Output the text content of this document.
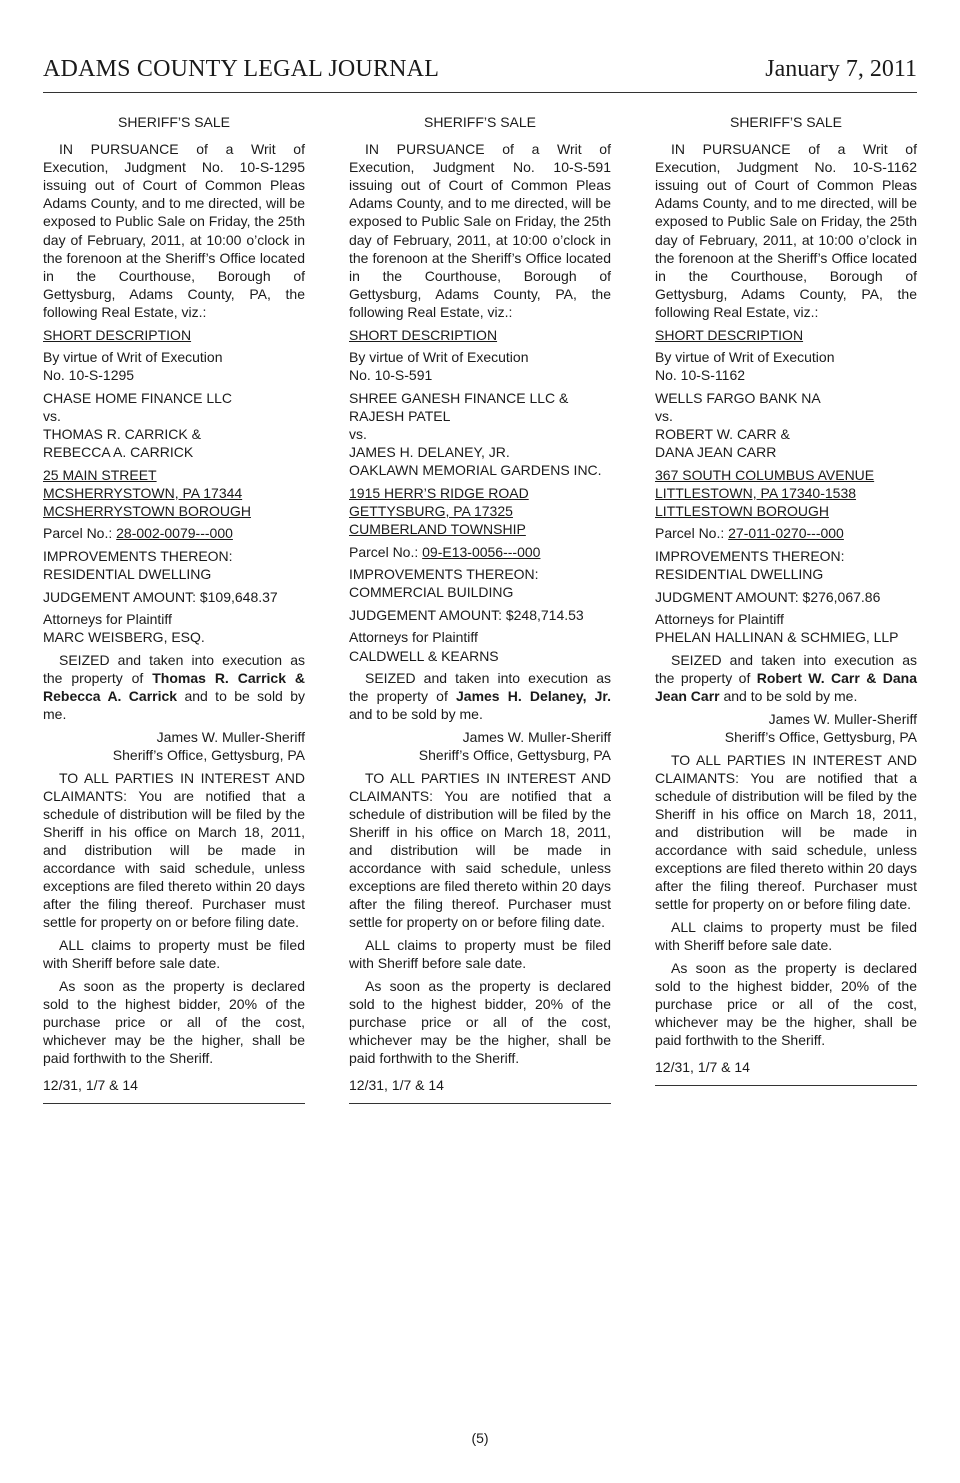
ADAMS COUNTY LEGAL JOURNAL	January 7, 2011

SHERIFF’S SALE

IN PURSUANCE of a Writ of Execution, Judgment No. 10-S-1295 issuing out of Court of Common Pleas Adams County, and to me directed, will be exposed to Public Sale on Friday, the 25th day of February, 2011, at 10:00 o’clock in the forenoon at the Sheriff’s Office located in the Courthouse, Borough of Gettysburg, Adams County, PA, the following Real Estate, viz.:

SHORT DESCRIPTION

By virtue of Writ of Execution
No. 10-S-1295

CHASE HOME FINANCE LLC
vs.
THOMAS R. CARRICK &
REBECCA A. CARRICK

25 MAIN STREET
MCSHERRYSTOWN, PA 17344
MCSHERRYSTOWN BOROUGH

Parcel No.: 28-002-0079---000

IMPROVEMENTS THEREON:
RESIDENTIAL DWELLING

JUDGEMENT AMOUNT: $109,648.37

Attorneys for Plaintiff
MARC WEISBERG, ESQ.

SEIZED and taken into execution as the property of Thomas R. Carrick & Rebecca A. Carrick and to be sold by me.

James W. Muller-Sheriff
Sheriff’s Office, Gettysburg, PA

TO ALL PARTIES IN INTEREST AND CLAIMANTS: You are notified that a schedule of distribution will be filed by the Sheriff in his office on March 18, 2011, and distribution will be made in accordance with said schedule, unless exceptions are filed thereto within 20 days after the filing thereof. Purchaser must settle for property on or before filing date.

ALL claims to property must be filed with Sheriff before sale date.

As soon as the property is declared sold to the highest bidder, 20% of the purchase price or all of the cost, whichever may be the higher, shall be paid forthwith to the Sheriff.

12/31, 1/7 & 14

SHERIFF’S SALE

IN PURSUANCE of a Writ of Execution, Judgment No. 10-S-591 issuing out of Court of Common Pleas Adams County, and to me directed, will be exposed to Public Sale on Friday, the 25th day of February, 2011, at 10:00 o’clock in the forenoon at the Sheriff’s Office located in the Courthouse, Borough of Gettysburg, Adams County, PA, the following Real Estate, viz.:

SHORT DESCRIPTION

By virtue of Writ of Execution
No. 10-S-591

SHREE GANESH FINANCE LLC &
RAJESH PATEL
vs.
JAMES H. DELANEY, JR.
OAKLAWN MEMORIAL GARDENS INC.

1915 HERR’S RIDGE ROAD
GETTYSBURG, PA 17325
CUMBERLAND TOWNSHIP

Parcel No.: 09-E13-0056---000

IMPROVEMENTS THEREON:
COMMERCIAL BUILDING

JUDGEMENT AMOUNT: $248,714.53

Attorneys for Plaintiff
CALDWELL & KEARNS

SEIZED and taken into execution as the property of James H. Delaney, Jr. and to be sold by me.

James W. Muller-Sheriff
Sheriff’s Office, Gettysburg, PA

TO ALL PARTIES IN INTEREST AND CLAIMANTS: You are notified that a schedule of distribution will be filed by the Sheriff in his office on March 18, 2011, and distribution will be made in accordance with said schedule, unless exceptions are filed thereto within 20 days after the filing thereof. Purchaser must settle for property on or before filing date.

ALL claims to property must be filed with Sheriff before sale date.

As soon as the property is declared sold to the highest bidder, 20% of the purchase price or all of the cost, whichever may be the higher, shall be paid forthwith to the Sheriff.

12/31, 1/7 & 14

SHERIFF’S SALE

IN PURSUANCE of a Writ of Execution, Judgment No. 10-S-1162 issuing out of Court of Common Pleas Adams County, and to me directed, will be exposed to Public Sale on Friday, the 25th day of February, 2011, at 10:00 o’clock in the forenoon at the Sheriff’s Office located in the Courthouse, Borough of Gettysburg, Adams County, PA, the following Real Estate, viz.:

SHORT DESCRIPTION

By virtue of Writ of Execution
No. 10-S-1162

WELLS FARGO BANK NA
vs.
ROBERT W. CARR &
DANA JEAN CARR

367 SOUTH COLUMBUS AVENUE
LITTLESTOWN, PA 17340-1538
LITTLESTOWN BOROUGH

Parcel No.: 27-011-0270---000

IMPROVEMENTS THEREON:
RESIDENTIAL DWELLING

JUDGMENT AMOUNT: $276,067.86

Attorneys for Plaintiff
PHELAN HALLINAN & SCHMIEG, LLP

SEIZED and taken into execution as the property of Robert W. Carr & Dana Jean Carr and to be sold by me.

James W. Muller-Sheriff
Sheriff’s Office, Gettysburg, PA

TO ALL PARTIES IN INTEREST AND CLAIMANTS: You are notified that a schedule of distribution will be filed by the Sheriff in his office on March 18, 2011, and distribution will be made in accordance with said schedule, unless exceptions are filed thereto within 20 days after the filing thereof. Purchaser must settle for property on or before filing date.

ALL claims to property must be filed with Sheriff before sale date.

As soon as the property is declared sold to the highest bidder, 20% of the purchase price or all of the cost, whichever may be the higher, shall be paid forthwith to the Sheriff.

12/31, 1/7 & 14

(5)
